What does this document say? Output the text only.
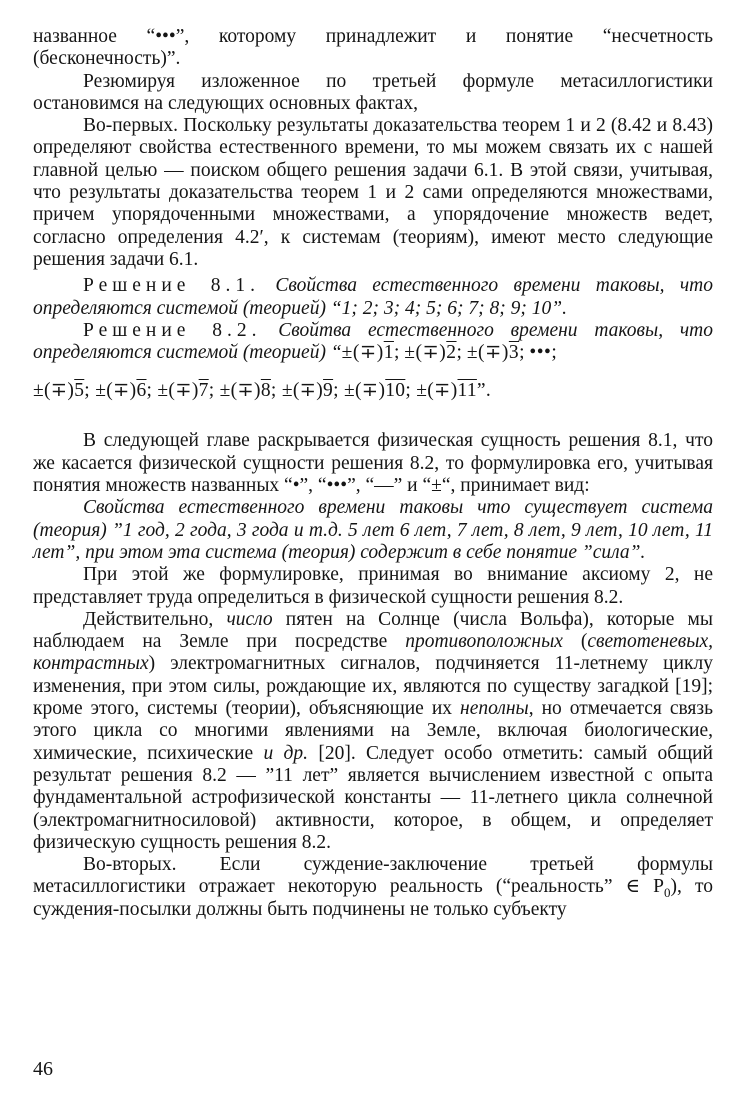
названное “•••”, которому принадлежит и понятие “несчетность (бесконечность)”.

Резюмируя изложенное по третьей формуле метасиллогистики остановимся на следующих основных фактах,

Во-первых. Поскольку результаты доказательства теорем 1 и 2 (8.42 и 8.43) определяют свойства естественного времени, то мы можем связать их с нашей главной целью — поиском общего решения задачи 6.1. В этой связи, учитывая, что результаты доказательства теорем 1 и 2 сами определяются множествами, причем упорядоченными множествами, а упорядочение множеств ведет, согласно определения 4.2′, к системам (теориям), имеют место следующие решения задачи 6.1.

Решение 8.1. Свойства естественного времени таковы, что определяются системой (теорией) “1; 2; 3; 4; 5; 6; 7; 8; 9; 10”.

Решение 8.2. Свойтва естественного времени таковы, что определяются системой (теорией) “±(∓)1; ±(∓)2; ±(∓)3; •••;

±(∓)5; ±(∓)6; ±(∓)7; ±(∓)8; ±(∓)9; ±(∓)10; ±(∓)11”.

В следующей главе раскрывается физическая сущность решения 8.1, что же касается физической сущности решения 8.2, то формулировка его, учитывая понятия множеств названных “•”, “•••”, “—” и “±“, принимает вид:

Свойства естественного времени таковы что существует система (теория) ”1 год, 2 года, 3 года и т.д. 5 лет 6 лет, 7 лет, 8 лет, 9 лет, 10 лет, 11 лет”, при этом эта система (теория) содержит в себе понятие ”сила”.

При этой же формулировке, принимая во внимание аксиому 2, не представляет труда определиться в физической сущности решения 8.2.

Действительно, число пятен на Солнце (числа Вольфа), которые мы наблюдаем на Земле при посредстве противоположных (светотеневых, контрастных) электромагнитных сигналов, подчиняется 11-летнему циклу изменения, при этом силы, рождающие их, являются по существу загадкой [19]; кроме этого, системы (теории), объясняющие их неполны, но отмечается связь этого цикла со многими явлениями на Земле, включая биологические, химические, психические и др. [20]. Следует особо отметить: самый общий результат решения 8.2 — ”11 лет” является вычислением известной с опыта фундаментальной астрофизической константы — 11-летнего цикла солнечной (электромагнитносиловой) активности, которое, в общем, и определяет физическую сущность решения 8.2.

Во-вторых. Если суждение-заключение третьей формулы метасиллогистики отражает некоторую реальность (“реальность” ∈ $P_0$), то суждения-посылки должны быть подчинены не только субъекту

46
